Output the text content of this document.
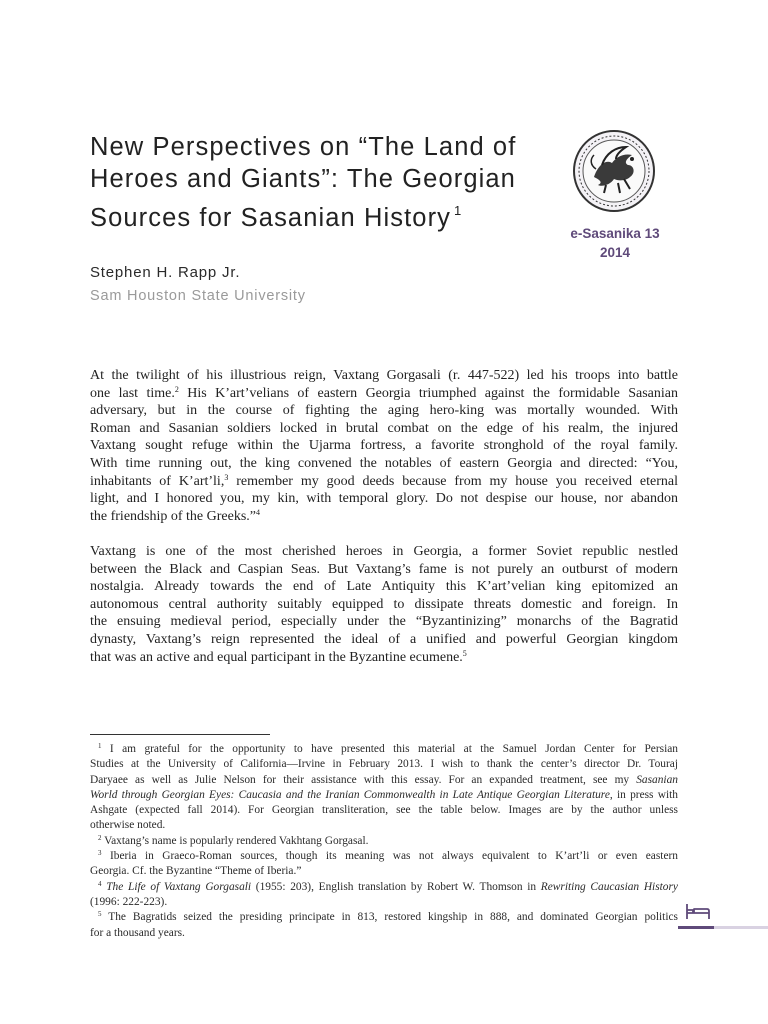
New Perspectives on “The Land of
Heroes and Giants”: The Georgian
Sources for Sasanian History $^1$
Stephen H. Rapp Jr.
Sam Houston State University
e-Sasanika 13
2014
At the twilight of his illustrious reign, Vaxtang Gorgasali (r. 447-522) led his troops into battle
one last time.$^2$ His K’art’velians of eastern Georgia triumphed against the formidable Sasanian
adversary, but in the course of fighting the aging hero-king was mortally wounded. With
Roman and Sasanian soldiers locked in brutal combat on the edge of his realm, the injured
Vaxtang sought refuge within the Ujarma fortress, a favorite stronghold of the royal family.
With time running out, the king convened the notables of eastern Georgia and directed: “You,
inhabitants of K’art’li,$^3$ remember my good deeds because from my house you received eternal
light, and I honored you, my kin, with temporal glory. Do not despise our house, nor abandon
the friendship of the Greeks.”$^4$
Vaxtang is one of the most cherished heroes in Georgia, a former Soviet republic nestled
between the Black and Caspian Seas. But Vaxtang’s fame is not purely an outburst of modern
nostalgia. Already towards the end of Late Antiquity this K’art’velian king epitomized an
autonomous central authority suitably equipped to dissipate threats domestic and foreign. In
the ensuing medieval period, especially under the “Byzantinizing” monarchs of the Bagratid
dynasty, Vaxtang’s reign represented the ideal of a unified and powerful Georgian kingdom
that was an active and equal participant in the Byzantine ecumene.$^5$
$^1$ I am grateful for the opportunity to have presented this material at the Samuel Jordan Center for Persian
Studies at the University of California—Irvine in February 2013. I wish to thank the center’s director Dr. Touraj
Daryaee as well as Julie Nelson for their assistance with this essay. For an expanded treatment, see my Sasanian
World through Georgian Eyes: Caucasia and the Iranian Commonwealth in Late Antique Georgian Literature, in press with
Ashgate (expected fall 2014). For Georgian transliteration, see the table below. Images are by the author unless
otherwise noted.
$^2$ Vaxtang’s name is popularly rendered Vakhtang Gorgasal.
$^3$ Iberia in Graeco-Roman sources, though its meaning was not always equivalent to K’art’li or even eastern
Georgia. Cf. the Byzantine “Theme of Iberia.”
$^4$ The Life of Vaxtang Gorgasali (1955: 203), English translation by Robert W. Thomson in Rewriting Caucasian History
(1996: 222-223).
$^5$ The Bagratids seized the presiding principate in 813, restored kingship in 888, and dominated Georgian politics
for a thousand years.
